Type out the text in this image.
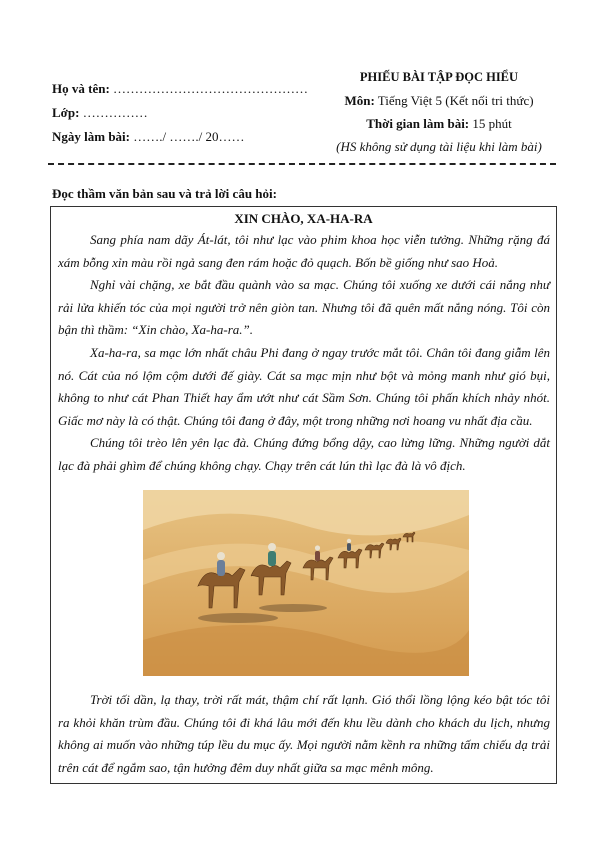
Họ và tên: ………………………………………
Lớp: ……………
Ngày làm bài: ……./ ……./ 20……
PHIẾU BÀI TẬP ĐỌC HIỂU
Môn: Tiếng Việt 5 (Kết nối tri thức)
Thời gian làm bài: 15 phút
(HS không sử dụng tài liệu khi làm bài)
Đọc thầm văn bản sau và trả lời câu hỏi:
XIN CHÀO, XA-HA-RA

Sang phía nam dãy Át-lát, tôi như lạc vào phim khoa học viễn tưởng. Những rặng đá xám bỗng xỉn màu rồi ngả sang đen rám hoặc đỏ quạch. Bốn bề giống như sao Hoả.

Nghỉ vài chặng, xe bắt đầu quành vào sa mạc. Chúng tôi xuống xe dưới cái nắng như rải lửa khiến tóc của mọi người trở nên giòn tan. Nhưng tôi đã quên mất nắng nóng. Tôi còn bận thì thầm: “Xin chào, Xa-ha-ra.”.

Xa-ha-ra, sa mạc lớn nhất châu Phi đang ở ngay trước mắt tôi. Chân tôi đang giẫm lên nó. Cát của nó lộm cộm dưới đế giày. Cát sa mạc mịn như bột và mỏng manh như gió bụi, không to như cát Phan Thiết hay ẩm ướt như cát Sầm Sơn. Chúng tôi phấn khích nhảy nhót. Giấc mơ này là có thật. Chúng tôi đang ở đây, một trong những nơi hoang vu nhất địa cầu.

Chúng tôi trèo lên yên lạc đà. Chúng đứng bổng dậy, cao lừng lững. Những người dắt lạc đà phải ghìm để chúng không chạy. Chạy trên cát lún thì lạc đà là vô địch.

Trời tối dần, lạ thay, trời rất mát, thậm chí rất lạnh. Gió thổi lồng lộng kéo bật tóc tôi ra khỏi khăn trùm đầu. Chúng tôi đi khá lâu mới đến khu lều dành cho khách du lịch, nhưng không ai muốn vào những túp lều du mục ấy. Mọi người nằm kềnh ra những tấm chiếu dạ trải trên cát để ngắm sao, tận hưởng đêm duy nhất giữa sa mạc mênh mông.
